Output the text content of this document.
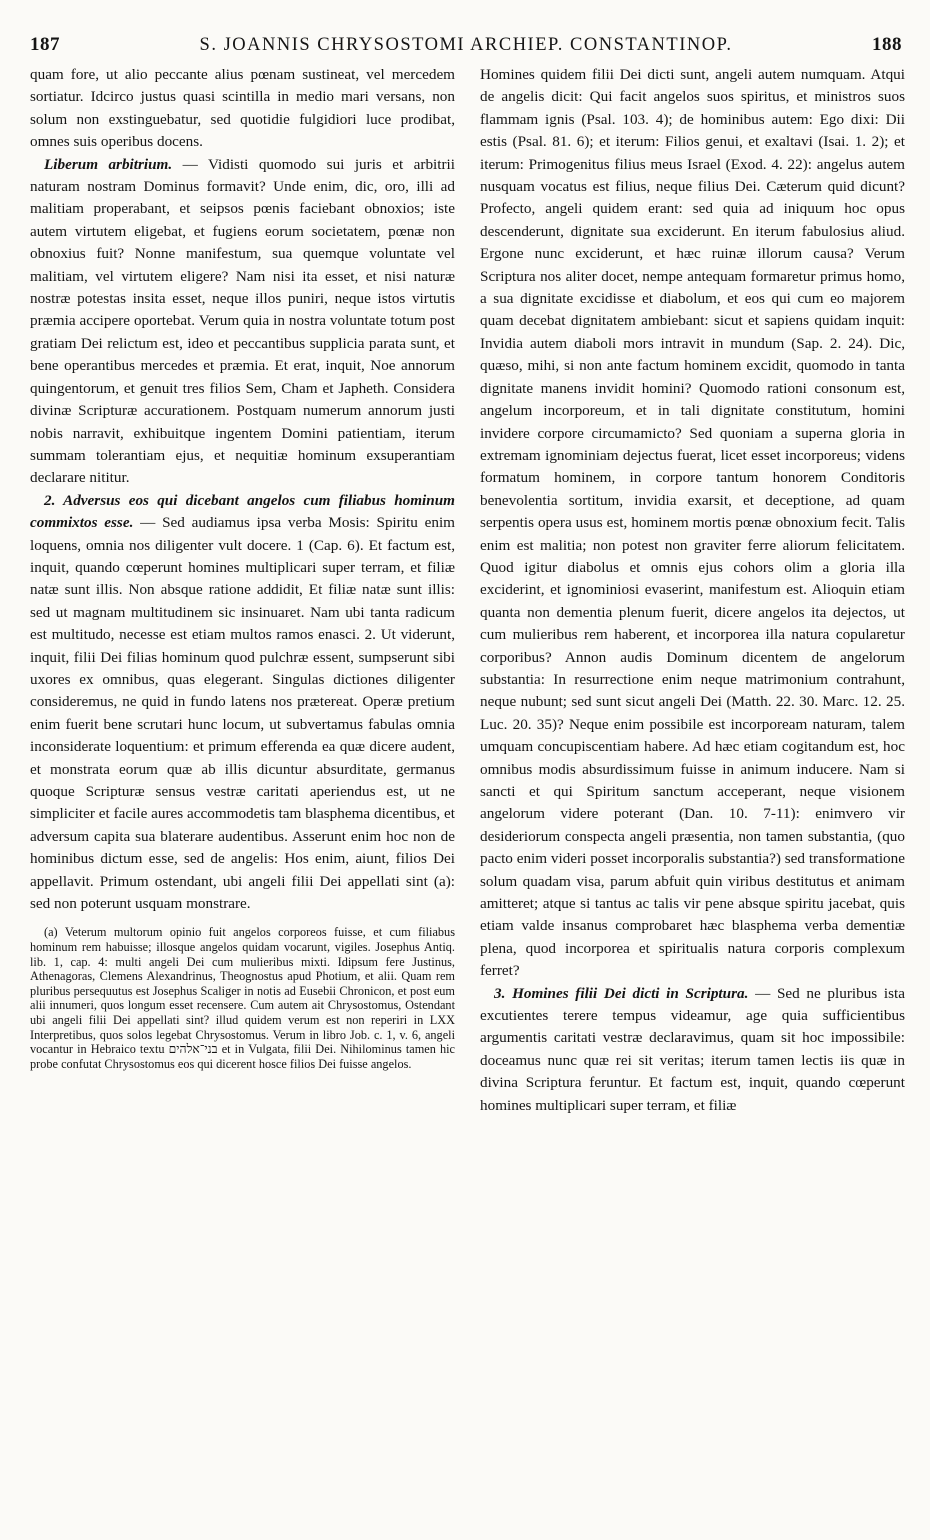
187	S. JOANNIS CHRYSOSTOMI ARCHIEP. CONSTANTINOP.	188

quam fore, ut alio peccante alius pœnam sustineat, vel mercedem sortiatur. Idcirco justus quasi scintilla in medio mari versans, non solum non exstinguebatur, sed quotidie fulgidiori luce prodibat, omnes suis operibus docens.

Liberum arbitrium. — Vidisti quomodo sui juris et arbitrii naturam nostram Dominus formavit? Unde enim, dic, oro, illi ad malitiam properabant, et seipsos pœnis faciebant obnoxios; iste autem virtutem eligebat, et fugiens eorum societatem, pœnæ non obnoxius fuit? Nonne manifestum, sua quemque voluntate vel malitiam, vel virtutem eligere? Nam nisi ita esset, et nisi naturæ nostræ potestas insita esset, neque illos puniri, neque istos virtutis præmia accipere oportebat. Verum quia in nostra voluntate totum post gratiam Dei relictum est, ideo et peccantibus supplicia parata sunt, et bene operantibus mercedes et præmia. Et erat, inquit, Noe annorum quingentorum, et genuit tres filios Sem, Cham et Japheth. Considera divinæ Scripturæ accurationem. Postquam numerum annorum justi nobis narravit, exhibuitque ingentem Domini patientiam, iterum summam tolerantiam ejus, et nequitiæ hominum exsuperantiam declarare nititur.

2. Adversus eos qui dicebant angelos cum filiabus hominum commixtos esse. — Sed audiamus ipsa verba Mosis: Spiritu enim loquens, omnia nos diligenter vult docere. 1 (Cap. 6). Et factum est, inquit, quando cœperunt homines multiplicari super terram, et filiæ natæ sunt illis. Non absque ratione addidit, Et filiæ natæ sunt illis: sed ut magnam multitudinem sic insinuaret. Nam ubi tanta radicum est multitudo, necesse est etiam multos ramos enasci. 2. Ut viderunt, inquit, filii Dei filias hominum quod pulchræ essent, sumpserunt sibi uxores ex omnibus, quas elegerant. Singulas dictiones diligenter consideremus, ne quid in fundo latens nos prætereat. Operæ pretium enim fuerit bene scrutari hunc locum, ut subvertamus fabulas omnia inconsiderate loquentium: et primum efferenda ea quæ dicere audent, et monstrata eorum quæ ab illis dicuntur absurditate, germanus quoque Scripturæ sensus vestræ caritati aperiendus est, ut ne simpliciter et facile aures accommodetis tam blasphema dicentibus, et adversum capita sua blaterare audentibus. Asserunt enim hoc non de hominibus dictum esse, sed de angelis: Hos enim, aiunt, filios Dei appellavit. Primum ostendant, ubi angeli filii Dei appellati sint (a): sed non poterunt usquam monstrare.

(a) Veterum multorum opinio fuit angelos corporeos fuisse, et cum filiabus hominum rem habuisse; illosque angelos quidam vocarunt, vigiles. Josephus Antiq. lib. 1, cap. 4: multi angeli Dei cum mulieribus mixti. Idipsum fere Justinus, Athenagoras, Clemens Alexandrinus, Theognostus apud Photium, et alii. Quam rem pluribus persequutus est Josephus Scaliger in notis ad Eusebii Chronicon, et post eum alii innumeri, quos longum esset recensere. Cum autem ait Chrysostomus, Ostendant ubi angeli filii Dei appellati sint? illud quidem verum est non reperiri in LXX Interpretibus, quos solos legebat Chrysostomus. Verum in libro Job. c. 1, v. 6, angeli vocantur in Hebraico textu בני־אלהים et in Vulgata, filii Dei. Nihilominus tamen hic probe confutat Chrysostomus eos qui dicerent hosce filios Dei fuisse angelos.

Homines quidem filii Dei dicti sunt, angeli autem numquam. Atqui de angelis dicit: Qui facit angelos suos spiritus, et ministros suos flammam ignis (Psal. 103. 4); de hominibus autem: Ego dixi: Dii estis (Psal. 81. 6); et iterum: Filios genui, et exaltavi (Isai. 1. 2); et iterum: Primogenitus filius meus Israel (Exod. 4. 22): angelus autem nusquam vocatus est filius, neque filius Dei. Cæterum quid dicunt? Profecto, angeli quidem erant: sed quia ad iniquum hoc opus descenderunt, dignitate sua exciderunt. En iterum fabulosius aliud. Ergone nunc exciderunt, et hæc ruinæ illorum causa? Verum Scriptura nos aliter docet, nempe antequam formaretur primus homo, a sua dignitate excidisse et diabolum, et eos qui cum eo majorem quam decebat dignitatem ambiebant: sicut et sapiens quidam inquit: Invidia autem diaboli mors intravit in mundum (Sap. 2. 24). Dic, quæso, mihi, si non ante factum hominem excidit, quomodo in tanta dignitate manens invidit homini? Quomodo rationi consonum est, angelum incorporeum, et in tali dignitate constitutum, homini invidere corpore circumamicto? Sed quoniam a superna gloria in extremam ignominiam dejectus fuerat, licet esset incorporeus; videns formatum hominem, in corpore tantum honorem Conditoris benevolentia sortitum, invidia exarsit, et deceptione, ad quam serpentis opera usus est, hominem mortis pœnæ obnoxium fecit. Talis enim est malitia; non potest non graviter ferre aliorum felicitatem. Quod igitur diabolus et omnis ejus cohors olim a gloria illa exciderint, et ignominiosi evaserint, manifestum est. Alioquin etiam quanta non dementia plenum fuerit, dicere angelos ita dejectos, ut cum mulieribus rem haberent, et incorporea illa natura copularetur corporibus? Annon audis Dominum dicentem de angelorum substantia: In resurrectione enim neque matrimonium contrahunt, neque nubunt; sed sunt sicut angeli Dei (Matth. 22. 30. Marc. 12. 25. Luc. 20. 35)? Neque enim possibile est incorpoream naturam, talem umquam concupiscentiam habere. Ad hæc etiam cogitandum est, hoc omnibus modis absurdissimum fuisse in animum inducere. Nam si sancti et qui Spiritum sanctum acceperant, neque visionem angelorum videre poterant (Dan. 10. 7-11): enimvero vir desideriorum conspecta angeli præsentia, non tamen substantia, (quo pacto enim videri posset incorporalis substantia?) sed transformatione solum quadam visa, parum abfuit quin viribus destitutus et animam amitteret; atque si tantus ac talis vir pene absque spiritu jacebat, quis etiam valde insanus comprobaret hæc blasphema verba dementiæ plena, quod incorporea et spiritualis natura corporis complexum ferret?

3. Homines filii Dei dicti in Scriptura. — Sed ne pluribus ista excutientes terere tempus videamur, age quia sufficientibus argumentis caritati vestræ declaravimus, quam sit hoc impossibile: doceamus nunc quæ rei sit veritas; iterum tamen lectis iis quæ in divina Scriptura feruntur. Et factum est, inquit, quando cœperunt homines multiplicari super terram, et filiæ
